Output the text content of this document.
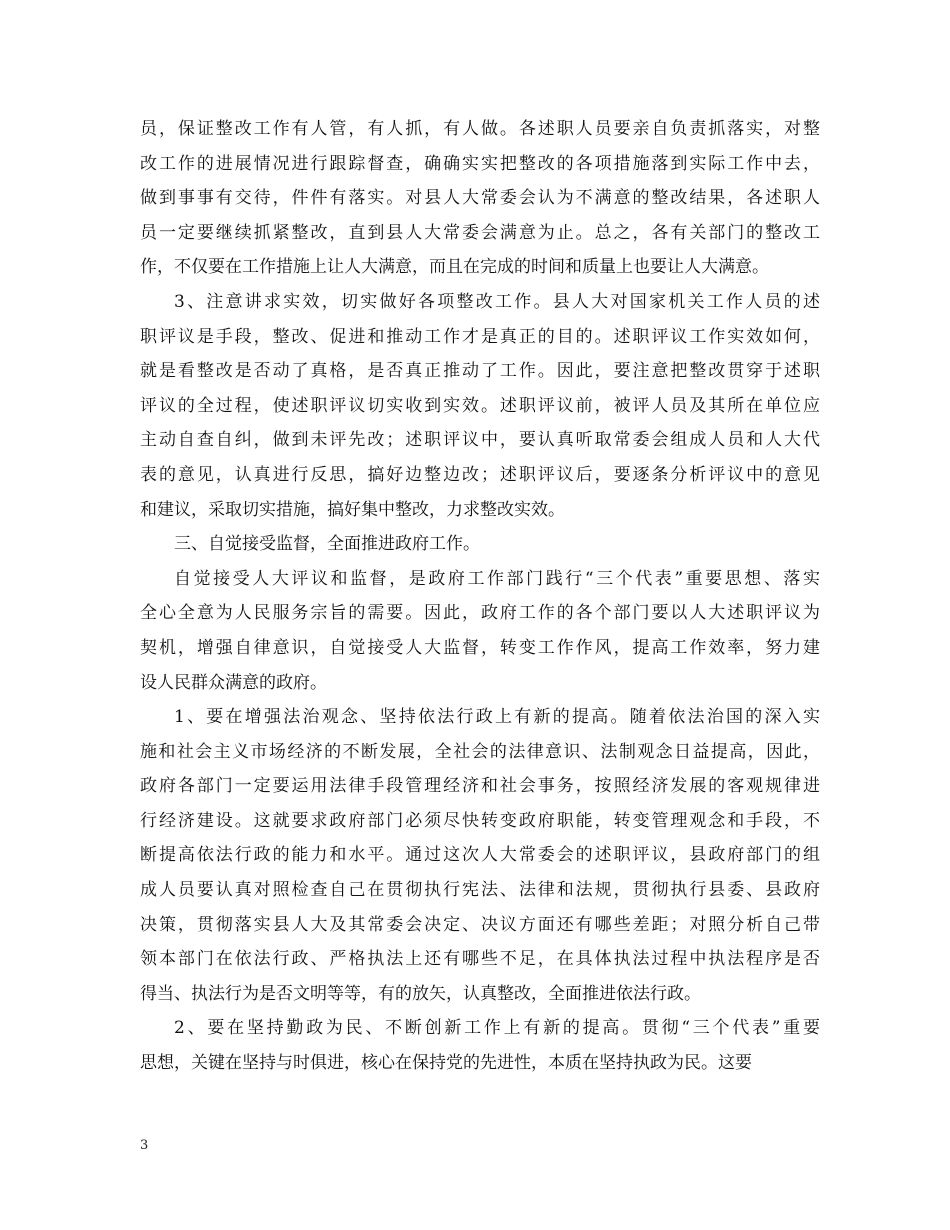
员，保证整改工作有人管，有人抓，有人做。各述职人员要亲自负责抓落实，对整
改工作的进展情况进行跟踪督查，确确实实把整改的各项措施落到实际工作中去，
做到事事有交待，件件有落实。对县人大常委会认为不满意的整改结果，各述职人
员一定要继续抓紧整改，直到县人大常委会满意为止。总之，各有关部门的整改工
作，不仅要在工作措施上让人大满意，而且在完成的时间和质量上也要让人大满意。
3、注意讲求实效，切实做好各项整改工作。县人大对国家机关工作人员的述
职评议是手段，整改、促进和推动工作才是真正的目的。述职评议工作实效如何，
就是看整改是否动了真格，是否真正推动了工作。因此，要注意把整改贯穿于述职
评议的全过程，使述职评议切实收到实效。述职评议前，被评人员及其所在单位应
主动自查自纠，做到未评先改；述职评议中，要认真听取常委会组成人员和人大代
表的意见，认真进行反思，搞好边整边改；述职评议后，要逐条分析评议中的意见
和建议，采取切实措施，搞好集中整改，力求整改实效。
三、自觉接受监督，全面推进政府工作。
自觉接受人大评议和监督，是政府工作部门践行“三个代表”重要思想、落实
全心全意为人民服务宗旨的需要。因此，政府工作的各个部门要以人大述职评议为
契机，增强自律意识，自觉接受人大监督，转变工作作风，提高工作效率，努力建
设人民群众满意的政府。
1、要在增强法治观念、坚持依法行政上有新的提高。随着依法治国的深入实
施和社会主义市场经济的不断发展，全社会的法律意识、法制观念日益提高，因此，
政府各部门一定要运用法律手段管理经济和社会事务，按照经济发展的客观规律进
行经济建设。这就要求政府部门必须尽快转变政府职能，转变管理观念和手段，不
断提高依法行政的能力和水平。通过这次人大常委会的述职评议，县政府部门的组
成人员要认真对照检查自己在贯彻执行宪法、法律和法规，贯彻执行县委、县政府
决策，贯彻落实县人大及其常委会决定、决议方面还有哪些差距；对照分析自己带
领本部门在依法行政、严格执法上还有哪些不足，在具体执法过程中执法程序是否
得当、执法行为是否文明等等，有的放矢，认真整改，全面推进依法行政。
2、要在坚持勤政为民、不断创新工作上有新的提高。贯彻“三个代表”重要
思想，关键在坚持与时俱进，核心在保持党的先进性，本质在坚持执政为民。这要
3
